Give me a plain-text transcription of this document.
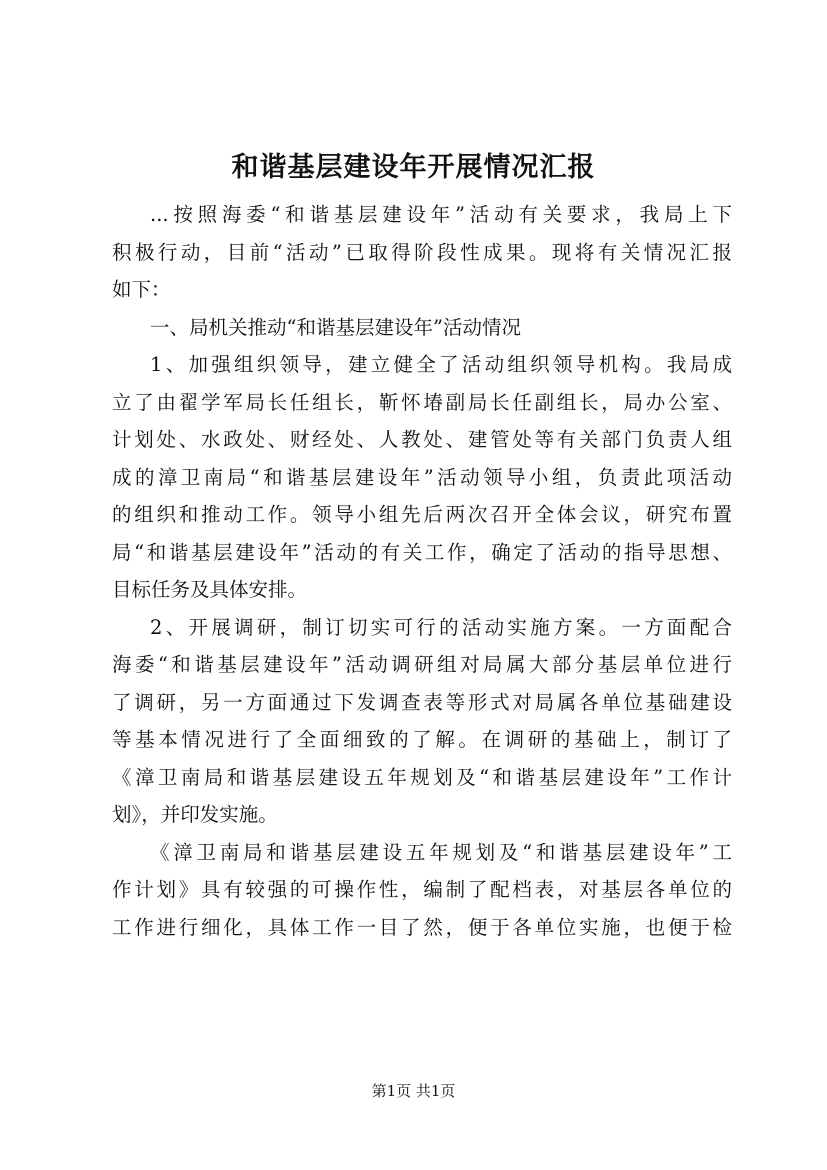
和谐基层建设年开展情况汇报
...按照海委“和谐基层建设年”活动有关要求，我局上下
积极行动，目前“活动”已取得阶段性成果。现将有关情况汇报
如下：
一、局机关推动“和谐基层建设年”活动情况
1、加强组织领导，建立健全了活动组织领导机构。我局成
立了由翟学军局长任组长，靳怀堾副局长任副组长，局办公室、
计划处、水政处、财经处、人教处、建管处等有关部门负责人组
成的漳卫南局“和谐基层建设年”活动领导小组，负责此项活动
的组织和推动工作。领导小组先后两次召开全体会议，研究布置
局“和谐基层建设年”活动的有关工作，确定了活动的指导思想、
目标任务及具体安排。
2、开展调研，制订切实可行的活动实施方案。一方面配合
海委“和谐基层建设年”活动调研组对局属大部分基层单位进行
了调研，另一方面通过下发调查表等形式对局属各单位基础建设
等基本情况进行了全面细致的了解。在调研的基础上，制订了
《漳卫南局和谐基层建设五年规划及“和谐基层建设年”工作计
划》，并印发实施。
《漳卫南局和谐基层建设五年规划及“和谐基层建设年”工
作计划》具有较强的可操作性，编制了配档表，对基层各单位的
工作进行细化，具体工作一目了然，便于各单位实施，也便于检
第1页 共1页
